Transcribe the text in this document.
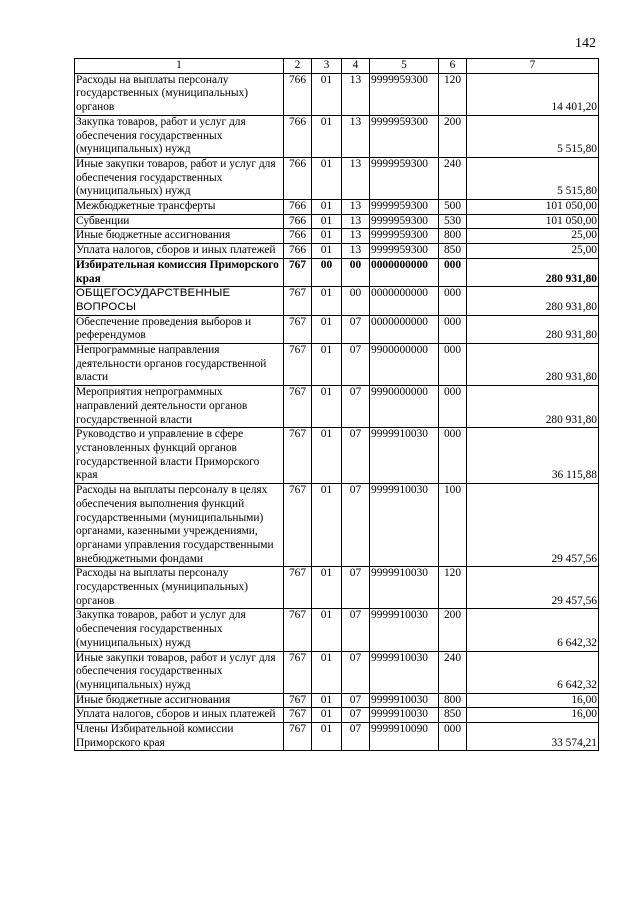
142
1	2	3	4	5	6	7
Расходы на выплаты персоналу государственных (муниципальных) органов	766	01	13	9999959300	120	14 401,20
Закупка товаров, работ и услуг для обеспечения государственных (муниципальных) нужд	766	01	13	9999959300	200	5 515,80
Иные закупки товаров, работ и услуг для обеспечения государственных (муниципальных) нужд	766	01	13	9999959300	240	5 515,80
Межбюджетные трансферты	766	01	13	9999959300	500	101 050,00
Субвенции	766	01	13	9999959300	530	101 050,00
Иные бюджетные ассигнования	766	01	13	9999959300	800	25,00
Уплата налогов, сборов и иных платежей	766	01	13	9999959300	850	25,00
Избирательная комиссия Приморского края	767	00	00	0000000000	000	280 931,80
ОБЩЕГОСУДАРСТВЕННЫЕ ВОПРОСЫ	767	01	00	0000000000	000	280 931,80
Обеспечение проведения выборов и референдумов	767	01	07	0000000000	000	280 931,80
Непрограммные направления деятельности органов государственной власти	767	01	07	9900000000	000	280 931,80
Мероприятия непрограммных направлений деятельности органов государственной власти	767	01	07	9990000000	000	280 931,80
Руководство и управление в сфере установленных функций органов государственной власти Приморского края	767	01	07	9999910030	000	36 115,88
Расходы на выплаты персоналу в целях обеспечения выполнения функций государственными (муниципальными) органами, казенными учреждениями, органами управления государственными внебюджетными фондами	767	01	07	9999910030	100	29 457,56
Расходы на выплаты персоналу государственных (муниципальных) органов	767	01	07	9999910030	120	29 457,56
Закупка товаров, работ и услуг для обеспечения государственных (муниципальных) нужд	767	01	07	9999910030	200	6 642,32
Иные закупки товаров, работ и услуг для обеспечения государственных (муниципальных) нужд	767	01	07	9999910030	240	6 642,32
Иные бюджетные ассигнования	767	01	07	9999910030	800	16,00
Уплата налогов, сборов и иных платежей	767	01	07	9999910030	850	16,00
Члены Избирательной комиссии Приморского края	767	01	07	9999910090	000	33 574,21
